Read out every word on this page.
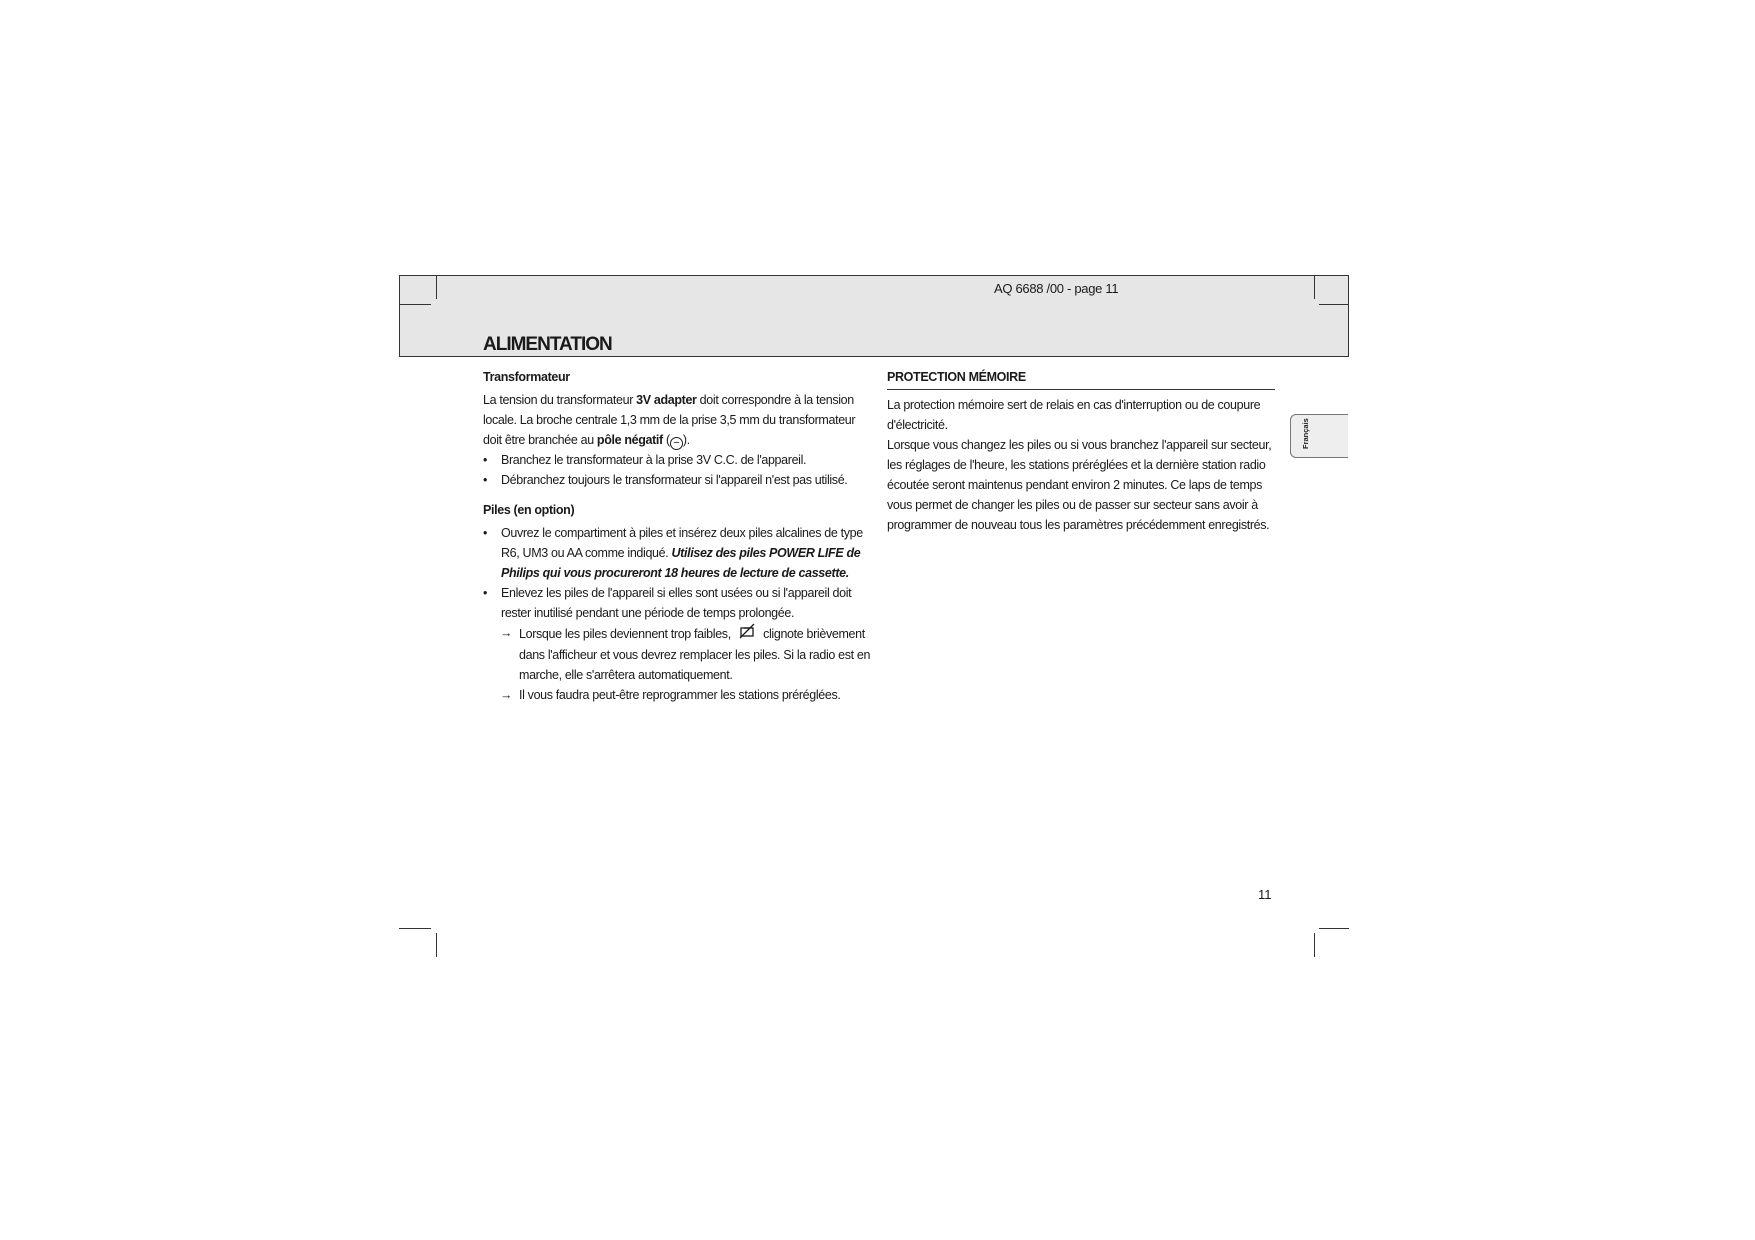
AQ 6688 /00 - page 11
ALIMENTATION
Transformateur

La tension du transformateur 3V adapter doit correspondre à la tension locale. La broche centrale 1,3 mm de la prise 3,5 mm du transformateur doit être branchée au pôle négatif ( − ).

• Branchez le transformateur à la prise 3V C.C. de l'appareil.

• Débranchez toujours le transformateur si l'appareil n'est pas utilisé.

Piles (en option)

• Ouvrez le compartiment à piles et insérez deux piles alcalines de type R6, UM3 ou AA comme indiqué. Utilisez des piles POWER LIFE de Philips qui vous procureront 18 heures de lecture de cassette.

• Enlevez les piles de l'appareil si elles sont usées ou si l'appareil doit rester inutilisé pendant une période de temps prolongée.

→ Lorsque les piles deviennent trop faibles,  clignote brièvement dans l'afficheur et vous devrez remplacer les piles. Si la radio est en marche, elle s'arrêtera automatiquement.

→ Il vous faudra peut-être reprogrammer les stations préréglées.

PROTECTION MÉMOIRE

La protection mémoire sert de relais en cas d'interruption ou de coupure d'électricité.

Lorsque vous changez les piles ou si vous branchez l'appareil sur secteur, les réglages de l'heure, les stations préréglées et la dernière station radio écoutée seront maintenus pendant environ 2 minutes. Ce laps de temps vous permet de changer les piles ou de passer sur secteur sans avoir à programmer de nouveau tous les paramètres précédemment enregistrés.

Français
11
